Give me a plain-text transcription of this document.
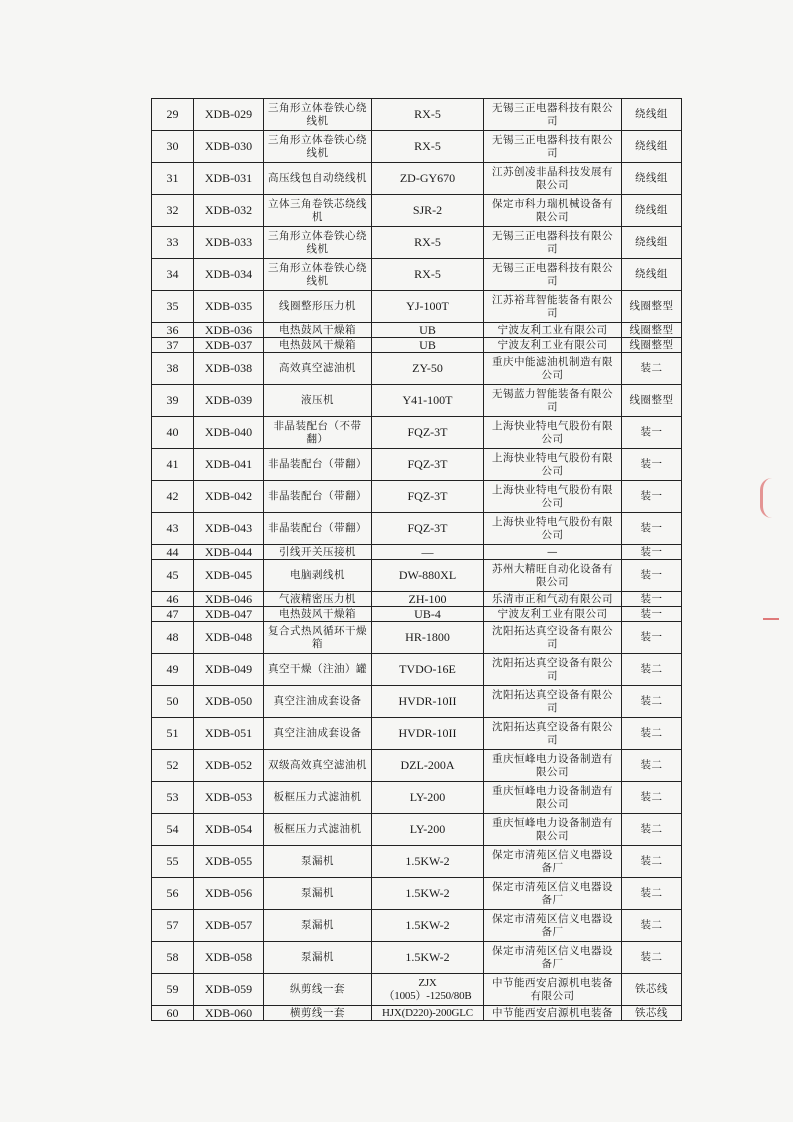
29	XDB-029	三角形立体卷铁心绕线机	RX-5	无锡三正电器科技有限公司	绕线组
30	XDB-030	三角形立体卷铁心绕线机	RX-5	无锡三正电器科技有限公司	绕线组
31	XDB-031	高压线包自动绕线机	ZD-GY670	江苏创凌非晶科技发展有限公司	绕线组
32	XDB-032	立体三角卷铁芯绕线机	SJR-2	保定市科力瑞机械设备有限公司	绕线组
33	XDB-033	三角形立体卷铁心绕线机	RX-5	无锡三正电器科技有限公司	绕线组
34	XDB-034	三角形立体卷铁心绕线机	RX-5	无锡三正电器科技有限公司	绕线组
35	XDB-035	线圈整形压力机	YJ-100T	江苏裕茸智能装备有限公司	线圈整型
36	XDB-036	电热鼓风干燥箱	UB	宁波友利工业有限公司	线圈整型
37	XDB-037	电热鼓风干燥箱	UB	宁波友利工业有限公司	线圈整型
38	XDB-038	高效真空滤油机	ZY-50	重庆中能滤油机制造有限公司	装二
39	XDB-039	液压机	Y41-100T	无锡蓝力智能装备有限公司	线圈整型
40	XDB-040	非晶装配台（不带翻）	FQZ-3T	上海快业特电气股份有限公司	装一
41	XDB-041	非晶装配台（带翻）	FQZ-3T	上海快业特电气股份有限公司	装一
42	XDB-042	非晶装配台（带翻）	FQZ-3T	上海快业特电气股份有限公司	装一
43	XDB-043	非晶装配台（带翻）	FQZ-3T	上海快业特电气股份有限公司	装一
44	XDB-044	引线开关压接机	—	—	装一
45	XDB-045	电脑剥线机	DW-880XL	苏州大精旺自动化设备有限公司	装一
46	XDB-046	气液精密压力机	ZH-100	乐清市正和气动有限公司	装一
47	XDB-047	电热鼓风干燥箱	UB-4	宁波友利工业有限公司	装一
48	XDB-048	复合式热风循环干燥箱	HR-1800	沈阳拓达真空设备有限公司	装一
49	XDB-049	真空干燥（注油）罐	TVDO-16E	沈阳拓达真空设备有限公司	装二
50	XDB-050	真空注油成套设备	HVDR-10II	沈阳拓达真空设备有限公司	装二
51	XDB-051	真空注油成套设备	HVDR-10II	沈阳拓达真空设备有限公司	装二
52	XDB-052	双级高效真空滤油机	DZL-200A	重庆恒峰电力设备制造有限公司	装二
53	XDB-053	板框压力式滤油机	LY-200	重庆恒峰电力设备制造有限公司	装二
54	XDB-054	板框压力式滤油机	LY-200	重庆恒峰电力设备制造有限公司	装二
55	XDB-055	泵漏机	1.5KW-2	保定市清苑区信义电器设备厂	装二
56	XDB-056	泵漏机	1.5KW-2	保定市清苑区信义电器设备厂	装二
57	XDB-057	泵漏机	1.5KW-2	保定市清苑区信义电器设备厂	装二
58	XDB-058	泵漏机	1.5KW-2	保定市清苑区信义电器设备厂	装二
59	XDB-059	纵剪线一套	ZJX（1005）-1250/80B	中节能西安启源机电装备有限公司	铁芯线
60	XDB-060	横剪线一套	HJX(D220)-200GLC	中节能西安启源机电装备	铁芯线
